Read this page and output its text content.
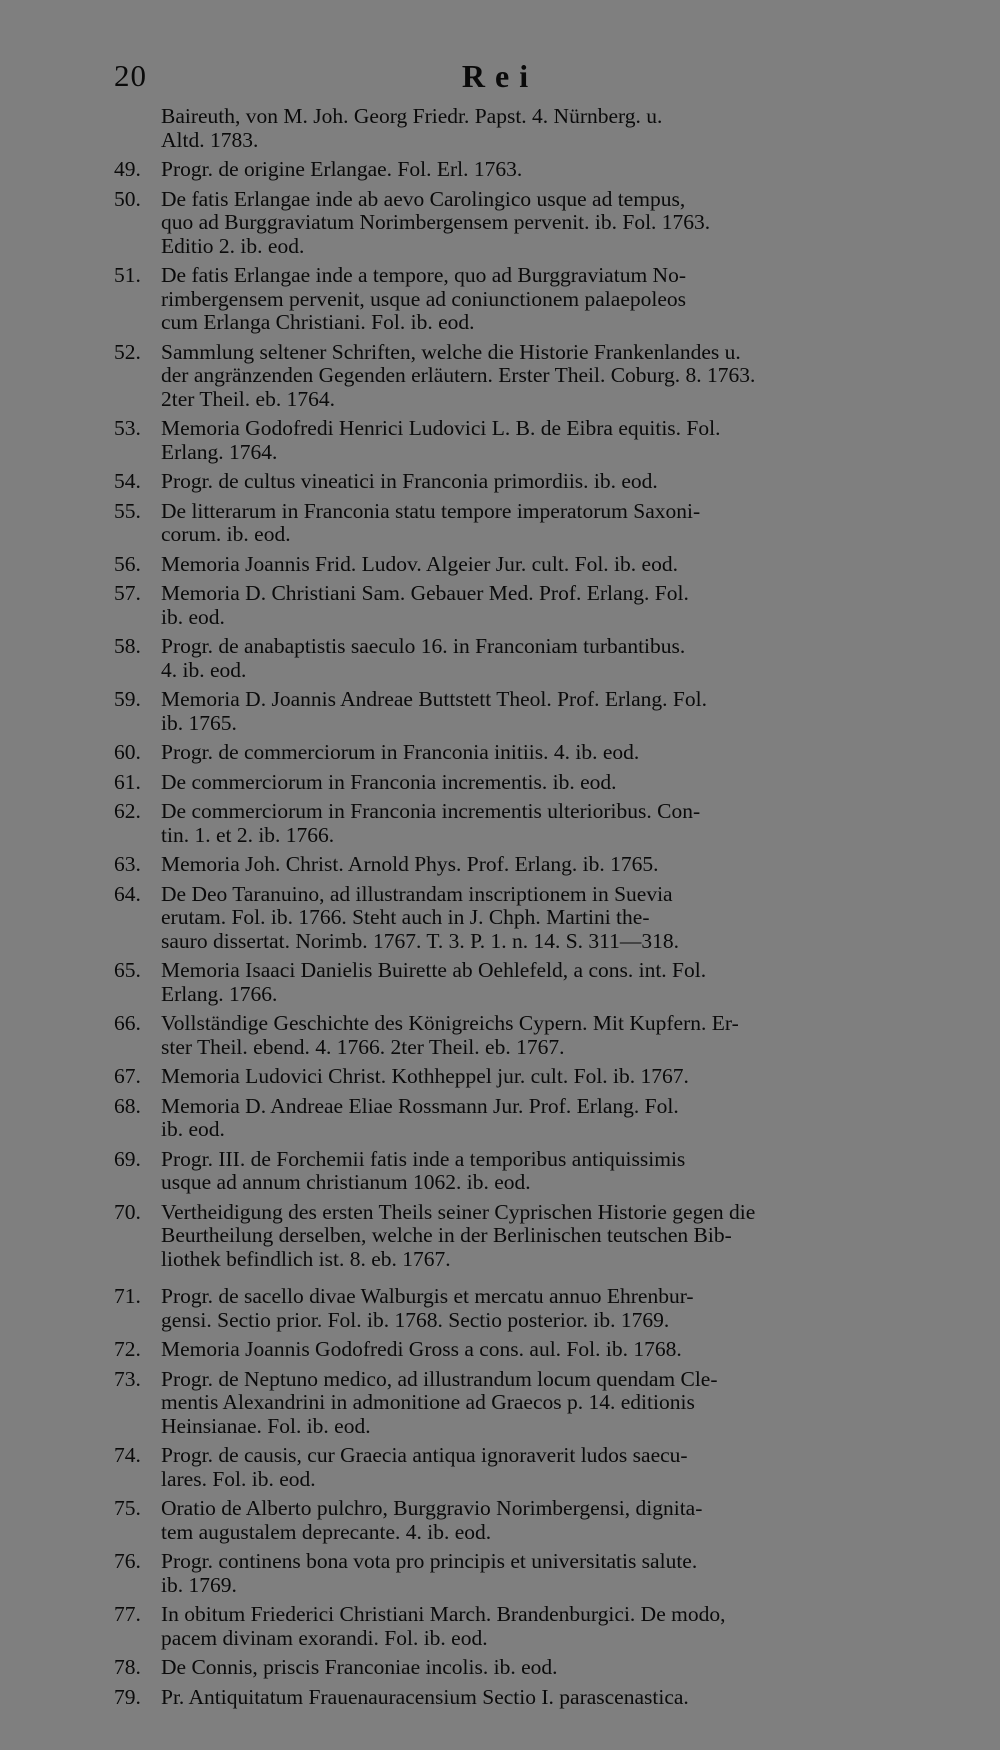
20	Rei
Baireuth, von M. Joh. Georg Friedr. Papst. 4. Nürnberg. u.
Altd. 1783.
49. Progr. de origine Erlangae. Fol. Erl. 1763.
50. De fatis Erlangae inde ab aevo Carolingico usque ad tempus,
quo ad Burggraviatum Norimbergensem pervenit. ib. Fol. 1763.
Editio 2. ib. eod.
51. De fatis Erlangae inde a tempore, quo ad Burggraviatum No-
rimbergensem pervenit, usque ad coniunctionem palaepoleos
cum Erlanga Christiani. Fol. ib. eod.
52. Sammlung seltener Schriften, welche die Historie Frankenlandes u.
der angränzenden Gegenden erläutern. Erster Theil. Coburg. 8. 1763.
2ter Theil. eb. 1764.
53. Memoria Godofredi Henrici Ludovici L. B. de Eibra equitis. Fol.
Erlang. 1764.
54. Progr. de cultus vineatici in Franconia primordiis. ib. eod.
55. De litterarum in Franconia statu tempore imperatorum Saxoni-
corum. ib. eod.
56. Memoria Joannis Frid. Ludov. Algeier Jur. cult. Fol. ib. eod.
57. Memoria D. Christiani Sam. Gebauer Med. Prof. Erlang. Fol.
ib. eod.
58. Progr. de anabaptistis saeculo 16. in Franconiam turbantibus.
4. ib. eod.
59. Memoria D. Joannis Andreae Buttstett Theol. Prof. Erlang. Fol.
ib. 1765.
60. Progr. de commerciorum in Franconia initiis. 4. ib. eod.
61. De commerciorum in Franconia incrementis. ib. eod.
62. De commerciorum in Franconia incrementis ulterioribus. Con-
tin. 1. et 2. ib. 1766.
63. Memoria Joh. Christ. Arnold Phys. Prof. Erlang. ib. 1765.
64. De Deo Taranuino, ad illustrandam inscriptionem in Suevia
erutam. Fol. ib. 1766. Steht auch in J. Chph. Martini the-
sauro dissertat. Norimb. 1767. T. 3. P. 1. n. 14. S. 311—318.
65. Memoria Isaaci Danielis Buirette ab Oehlefeld, a cons. int. Fol.
Erlang. 1766.
66. Vollständige Geschichte des Königreichs Cypern. Mit Kupfern. Er-
ster Theil. ebend. 4. 1766. 2ter Theil. eb. 1767.
67. Memoria Ludovici Christ. Kothheppel jur. cult. Fol. ib. 1767.
68. Memoria D. Andreae Eliae Rossmann Jur. Prof. Erlang. Fol.
ib. eod.
69. Progr. III. de Forchemii fatis inde a temporibus antiquissimis
usque ad annum christianum 1062. ib. eod.
70. Vertheidigung des ersten Theils seiner Cyprischen Historie gegen die
Beurtheilung derselben, welche in der Berlinischen teutschen Bib-
liothek befindlich ist. 8. eb. 1767.
71. Progr. de sacello divae Walburgis et mercatu annuo Ehrenbur-
gensi. Sectio prior. Fol. ib. 1768. Sectio posterior. ib. 1769.
72. Memoria Joannis Godofredi Gross a cons. aul. Fol. ib. 1768.
73. Progr. de Neptuno medico, ad illustrandum locum quendam Cle-
mentis Alexandrini in admonitione ad Graecos p. 14. editionis
Heinsianae. Fol. ib. eod.
74. Progr. de causis, cur Graecia antiqua ignoraverit ludos saecu-
lares. Fol. ib. eod.
75. Oratio de Alberto pulchro, Burggravio Norimbergensi, dignita-
tem augustalem deprecante. 4. ib. eod.
76. Progr. continens bona vota pro principis et universitatis salute.
ib. 1769.
77. In obitum Friederici Christiani March. Brandenburgici. De modo,
pacem divinam exorandi. Fol. ib. eod.
78. De Connis, priscis Franconiae incolis. ib. eod.
79. Pr. Antiquitatum Frauenauracensium Sectio I. parascenastica.
